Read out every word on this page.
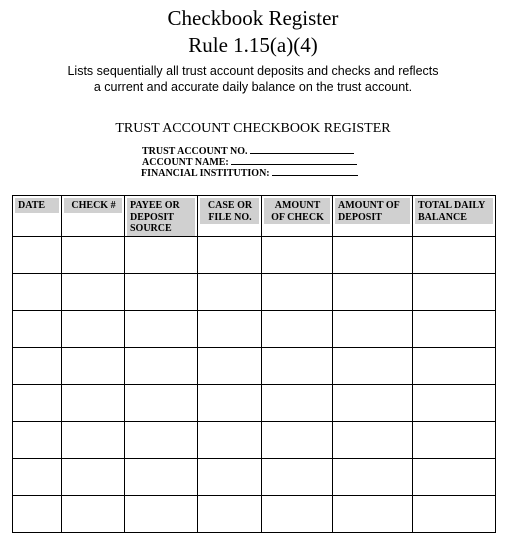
Checkbook Register
Rule 1.15(a)(4)
Lists sequentially all trust account deposits and checks and reflects
a current and accurate daily balance on the trust account.
TRUST ACCOUNT CHECKBOOK REGISTER
TRUST ACCOUNT NO.
ACCOUNT NAME:
FINANCIAL INSTITUTION:
DATE	CHECK #	PAYEE OR DEPOSIT SOURCE	CASE OR FILE NO.	AMOUNT OF CHECK	AMOUNT OF DEPOSIT	TOTAL DAILY BALANCE
